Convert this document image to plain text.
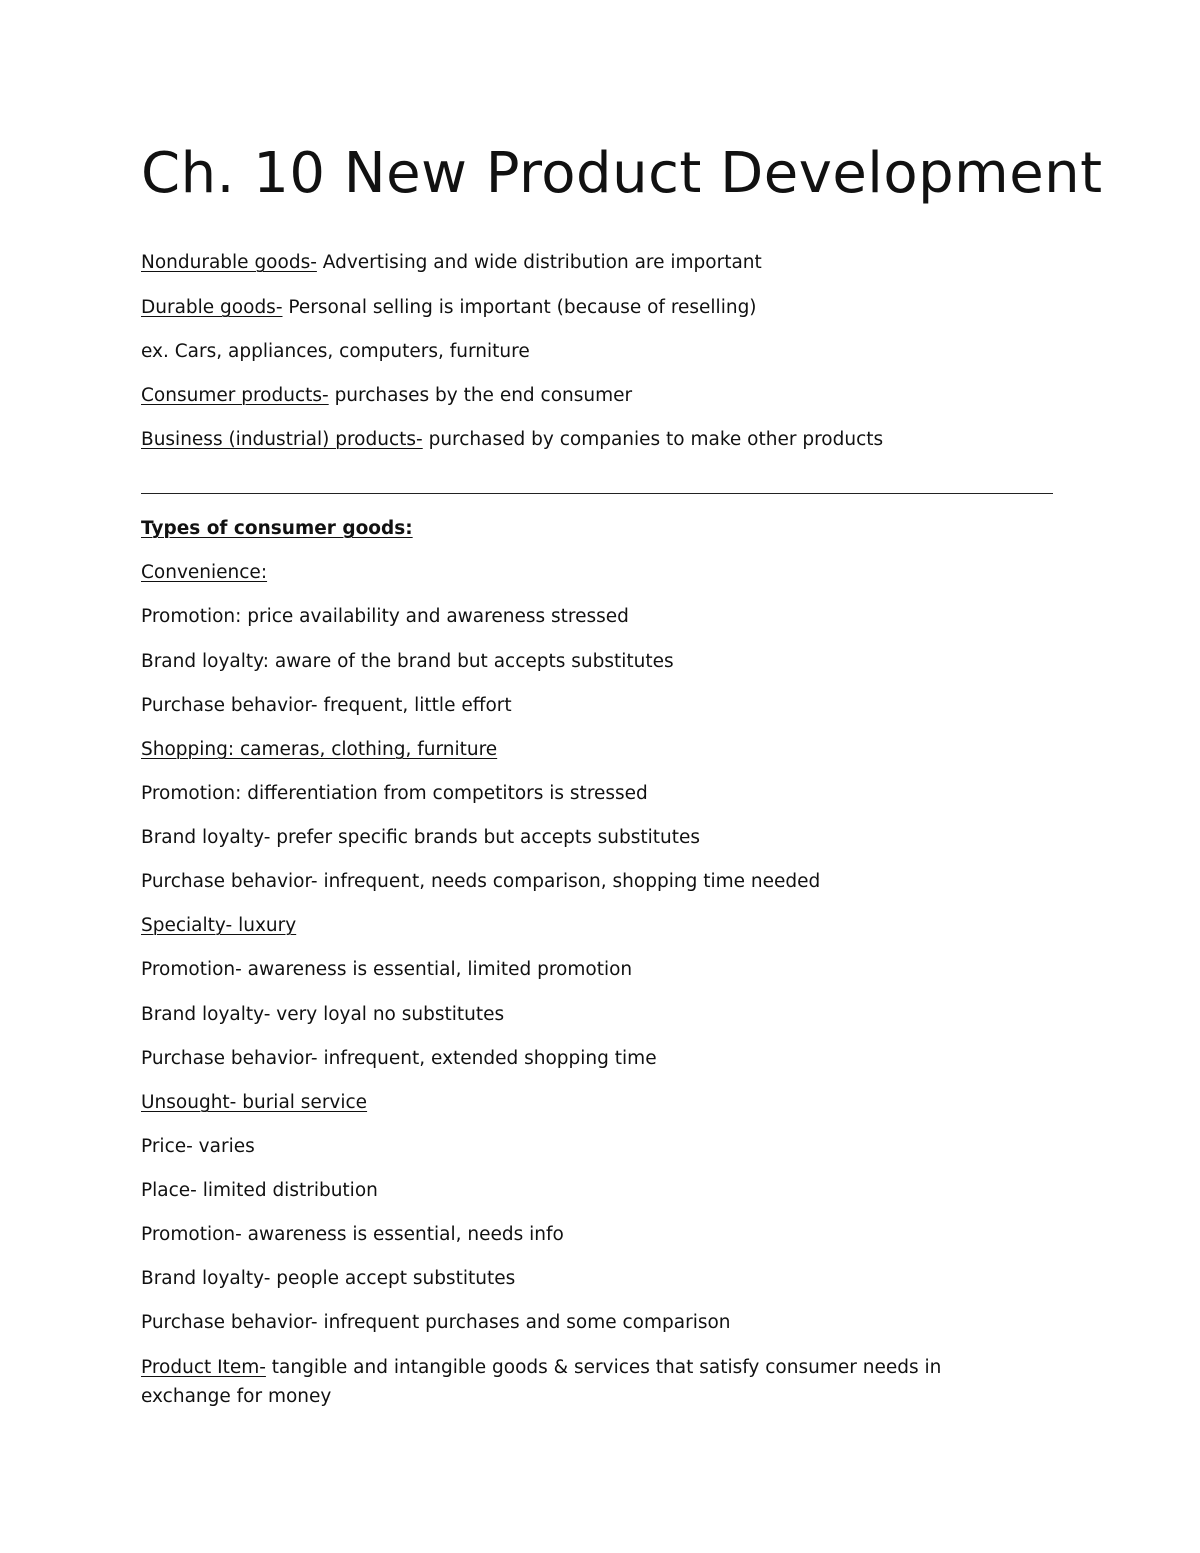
Ch. 10 New Product Development

Nondurable goods- Advertising and wide distribution are important

Durable goods- Personal selling is important (because of reselling)

ex. Cars, appliances, computers, furniture

Consumer products- purchases by the end consumer

Business (industrial) products- purchased by companies to make other products

Types of consumer goods:

Convenience:

Promotion: price availability and awareness stressed

Brand loyalty: aware of the brand but accepts substitutes

Purchase behavior- frequent, little effort

Shopping: cameras, clothing, furniture

Promotion: differentiation from competitors is stressed

Brand loyalty- prefer specific brands but accepts substitutes

Purchase behavior- infrequent, needs comparison, shopping time needed

Specialty- luxury

Promotion- awareness is essential, limited promotion

Brand loyalty- very loyal no substitutes

Purchase behavior- infrequent, extended shopping time

Unsought- burial service

Price- varies

Place- limited distribution

Promotion- awareness is essential, needs info

Brand loyalty- people accept substitutes

Purchase behavior- infrequent purchases and some comparison

Product Item- tangible and intangible goods & services that satisfy consumer needs in exchange for money
